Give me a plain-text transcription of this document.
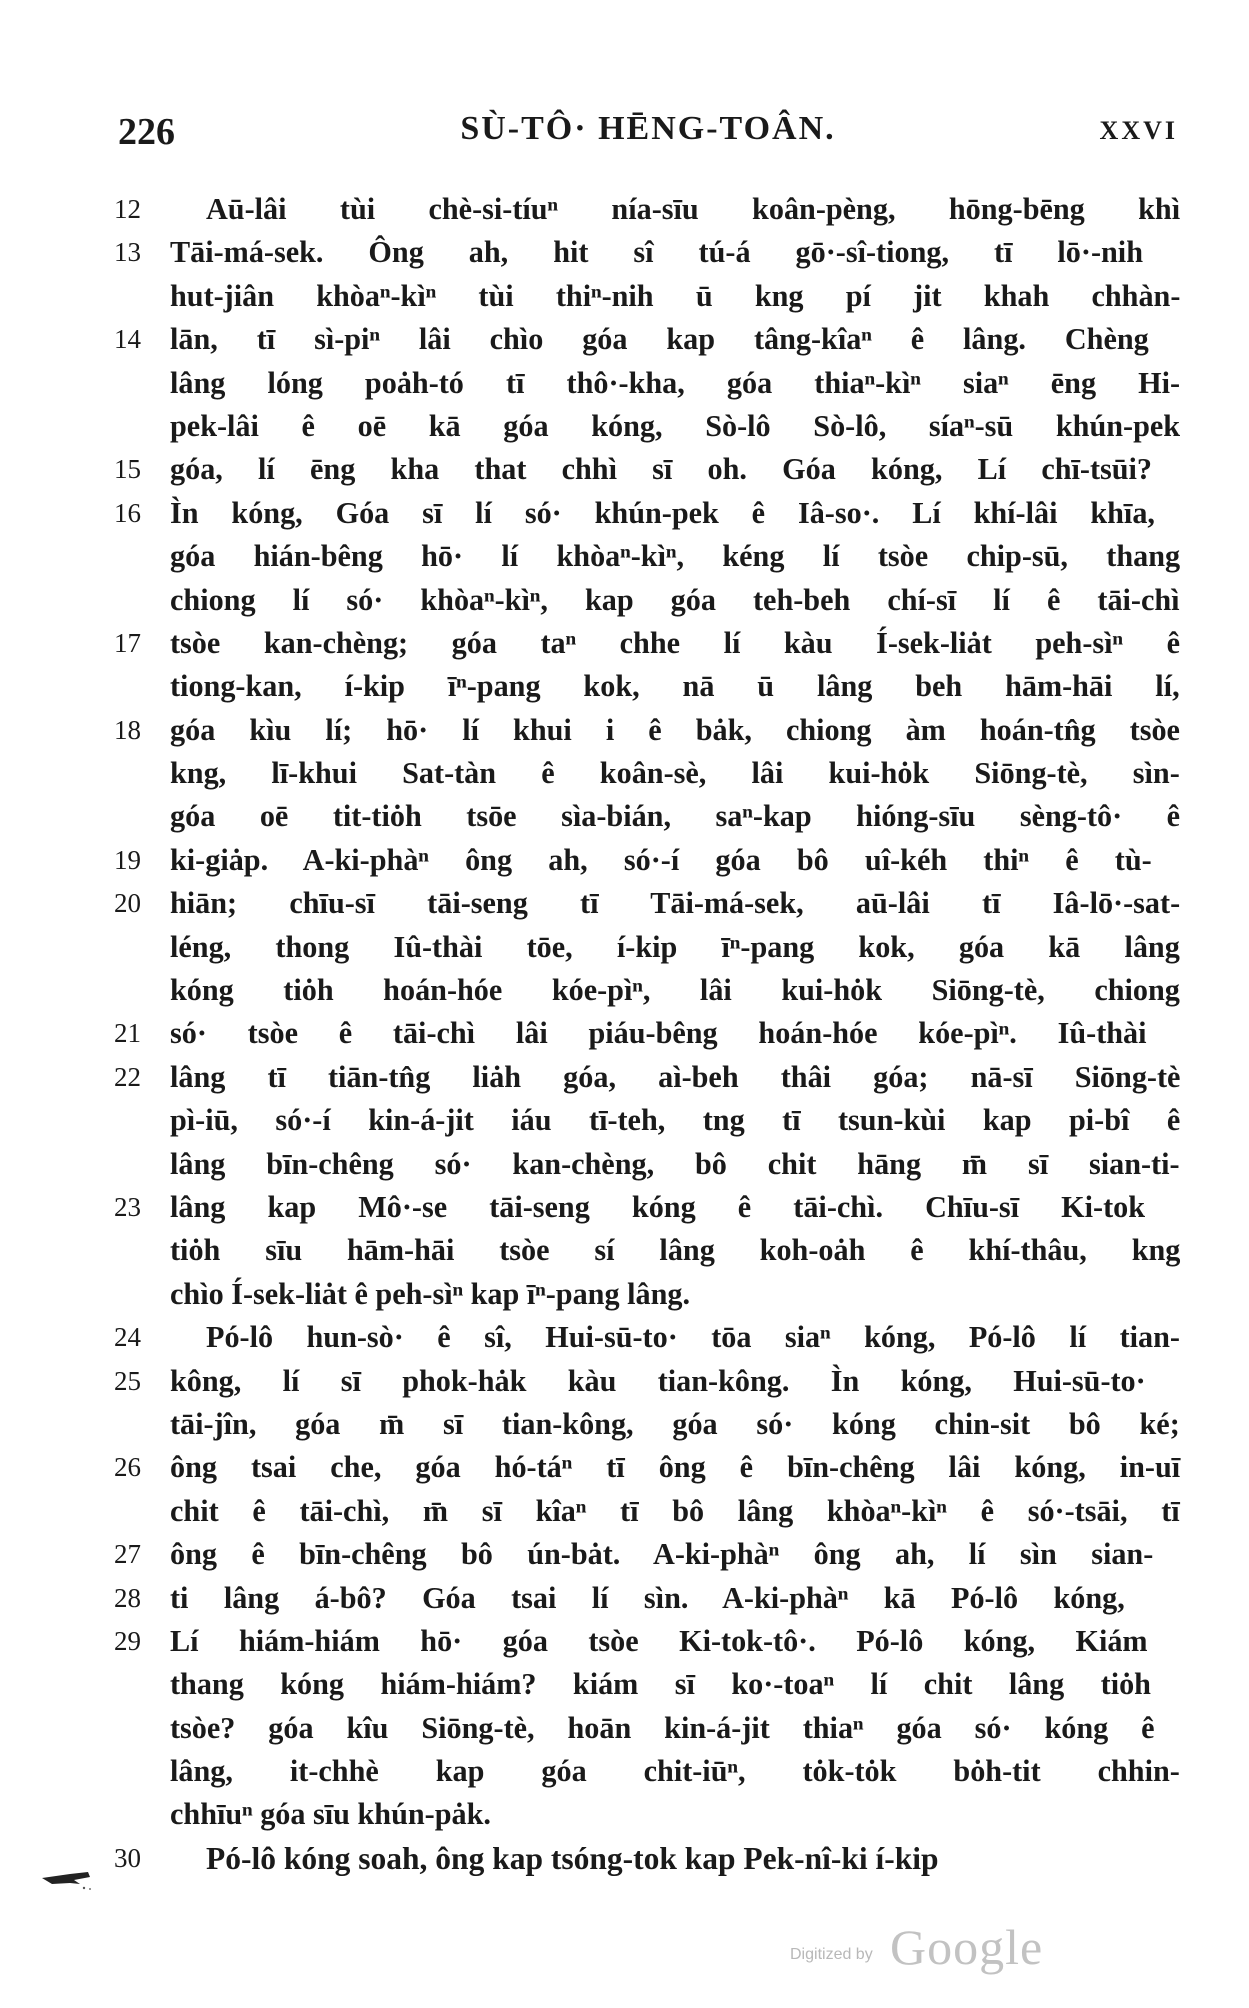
226	SÙ-TÔ· HĒNG-TOÂN.	XXVI
12 Aū-lâi tùi chè-si-tíuⁿ nía-sīu koân-pèng, hōng-bēng khì
13 Tāi-má-sek. Ông ah, hit sî tú-á gō·-sî-tiong, tī lō·-nih
hut-jiân khòaⁿ-kìⁿ tùi thiⁿ-nih ū kng pí jit khah chhàn-
14 lān, tī sì-piⁿ lâi chìo góa kap tâng-kîaⁿ ê lâng. Chèng
lâng lóng poȧh-tó tī thô·-kha, góa thiaⁿ-kìⁿ siaⁿ ēng Hi-
pek-lâi ê oē kā góa kóng, Sò-lô Sò-lô, síaⁿ-sū khún-pek
15 góa, lí ēng kha that chhì sī oh. Góa kóng, Lí chī-tsūi?
16 Ìn kóng, Góa sī lí só· khún-pek ê Iâ-so·. Lí khí-lâi khīa,
góa hián-bêng hō· lí khòaⁿ-kìⁿ, kéng lí tsòe chip-sū, thang
chiong lí só· khòaⁿ-kìⁿ, kap góa teh-beh chí-sī lí ê tāi-chì
17 tsòe kan-chèng; góa taⁿ chhe lí kàu Í-sek-liȧt peh-sìⁿ ê
tiong-kan, í-kip īⁿ-pang kok, nā ū lâng beh hām-hāi lí,
18 góa kìu lí; hō· lí khui i ê bȧk, chiong àm hoán-tn̂g tsòe
kng, lī-khui Sat-tàn ê koân-sè, lâi kui-hȯk Siōng-tè, sìn-
góa oē tit-tiȯh tsōe sìa-bián, saⁿ-kap hióng-sīu sèng-tô· ê
19 ki-giȧp. A-ki-phàⁿ ông ah, só·-í góa bô uî-kéh thiⁿ ê tù-
20 hiān; chīu-sī tāi-seng tī Tāi-má-sek, aū-lâi tī Iâ-lō·-sat-
léng, thong Iû-thài tōe, í-kip īⁿ-pang kok, góa kā lâng
kóng tiȯh hoán-hóe kóe-pìⁿ, lâi kui-hȯk Siōng-tè, chiong
21 só· tsòe ê tāi-chì lâi piáu-bêng hoán-hóe kóe-pìⁿ. Iû-thài
22 lâng tī tiān-tn̂g liȧh góa, aì-beh thâi góa; nā-sī Siōng-tè
pì-iū, só·-í kin-á-jit iáu tī-teh, tng tī tsun-kùi kap pi-bî ê
lâng bīn-chêng só· kan-chèng, bô chit hāng m̄ sī sian-ti-
23 lâng kap Mô·-se tāi-seng kóng ê tāi-chì. Chīu-sī Ki-tok
tiȯh sīu hām-hāi tsòe sí lâng koh-oȧh ê khí-thâu, kng
chìo Í-sek-liȧt ê peh-sìⁿ kap īⁿ-pang lâng.
24 Pó-lô hun-sò· ê sî, Hui-sū-to· tōa siaⁿ kóng, Pó-lô lí tian-
25 kông, lí sī phok-hȧk kàu tian-kông. Ìn kóng, Hui-sū-to·
tāi-jîn, góa m̄ sī tian-kông, góa só· kóng chin-sit bô ké;
26 ông tsai che, góa hó-táⁿ tī ông ê bīn-chêng lâi kóng, in-uī
chit ê tāi-chì, m̄ sī kîaⁿ tī bô lâng khòaⁿ-kìⁿ ê só·-tsāi, tī
27 ông ê bīn-chêng bô ún-bȧt. A-ki-phàⁿ ông ah, lí sìn sian-
28 ti lâng á-bô? Góa tsai lí sìn. A-ki-phàⁿ kā Pó-lô kóng,
29 Lí hiám-hiám hō· góa tsòe Ki-tok-tô·. Pó-lô kóng, Kiám
thang kóng hiám-hiám? kiám sī ko·-toaⁿ lí chit lâng tiȯh
tsòe? góa kîu Siōng-tè, hoān kin-á-jit thiaⁿ góa só· kóng ê
lâng, it-chhè kap góa chit-iūⁿ, tȯk-tȯk bȯh-tit chhin-
chhīuⁿ góa sīu khún-pȧk.
30 Pó-lô kóng soah, ông kap tsóng-tok kap Pek-nî-ki í-kip
Digitized by Google
